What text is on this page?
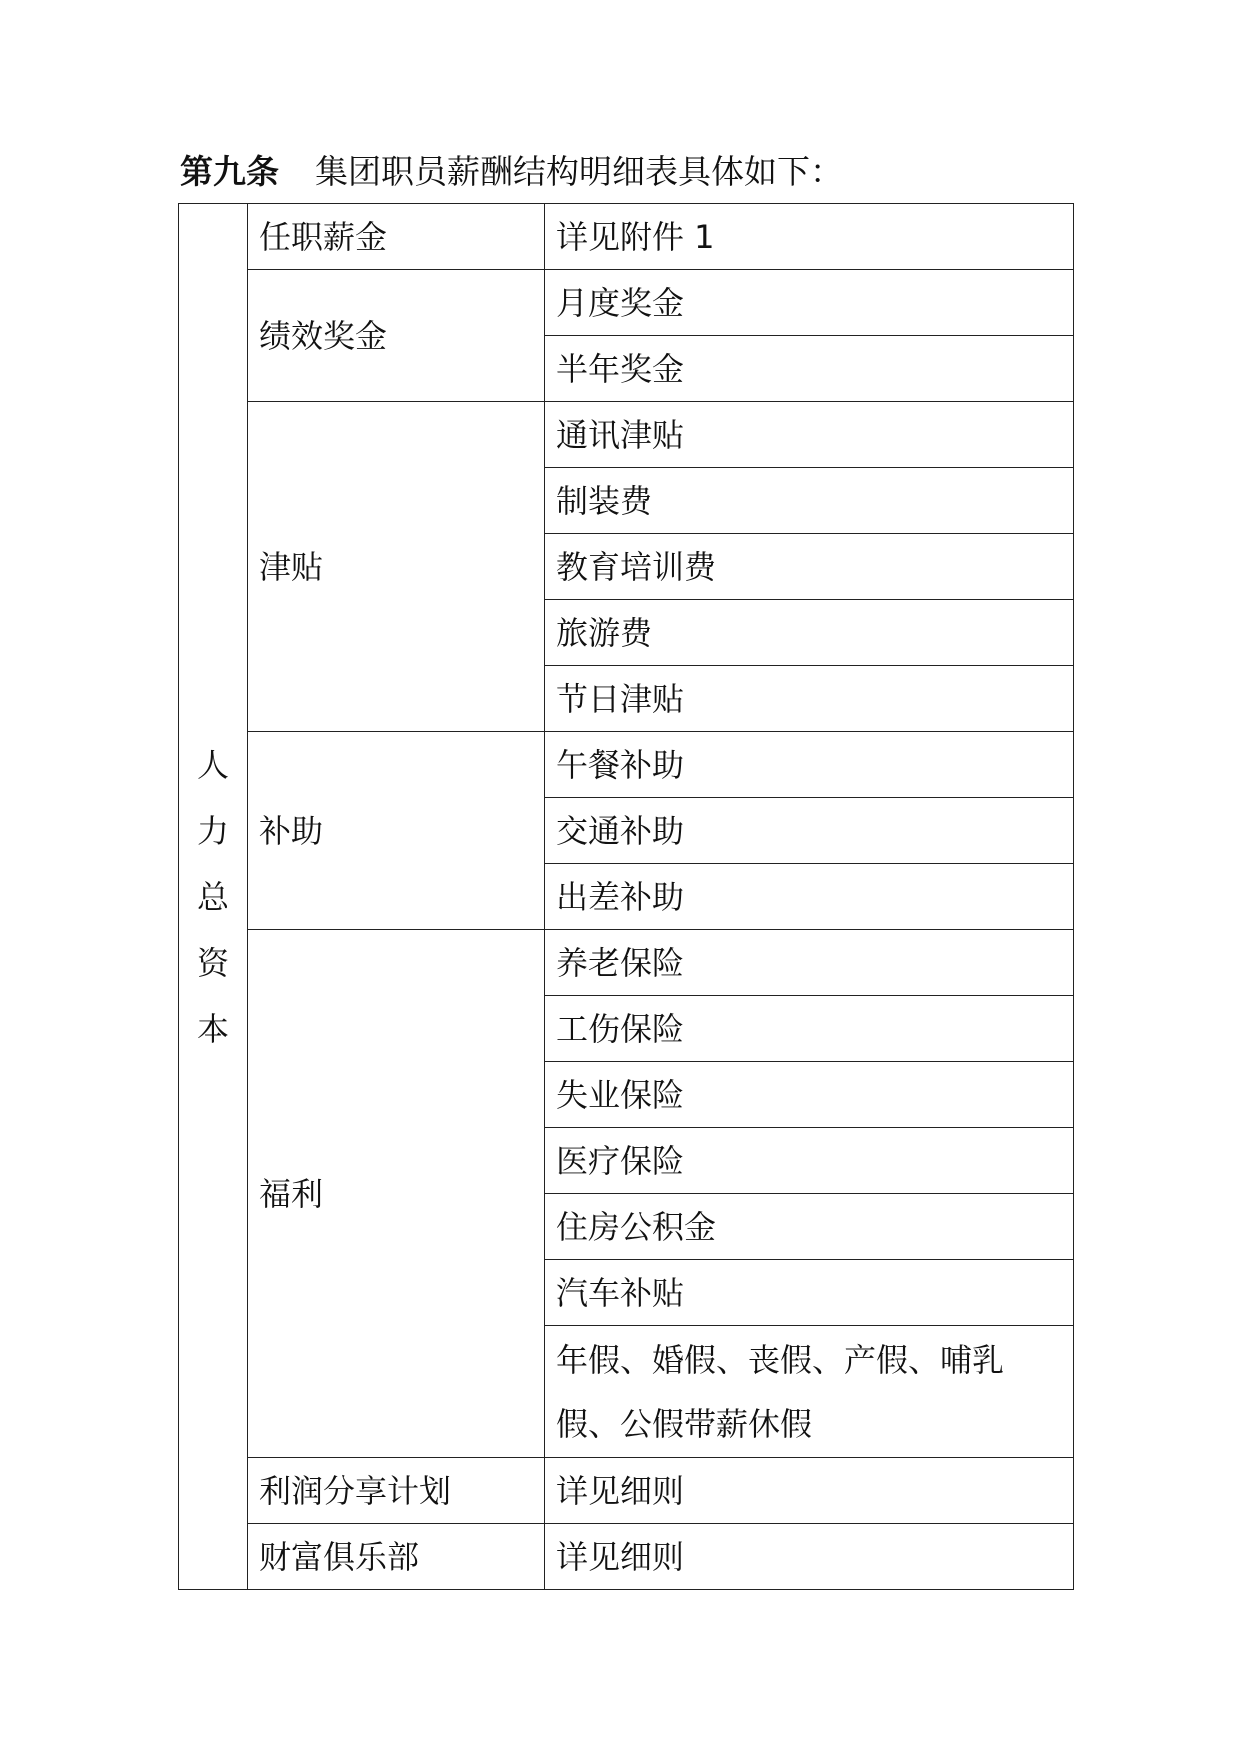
第九条 集团职员薪酬结构明细表具体如下：
人
力
总
资
本	任职薪金	详见附件 1
	绩效奖金	月度奖金
		半年奖金
	津贴	通讯津贴
		制装费
		教育培训费
		旅游费
		节日津贴
	补助	午餐补助
		交通补助
		出差补助
	福利	养老保险
		工伤保险
		失业保险
		医疗保险
		住房公积金
		汽车补贴
		年假、婚假、丧假、产假、哺乳假、公假带薪休假
	利润分享计划	详见细则
	财富俱乐部	详见细则
